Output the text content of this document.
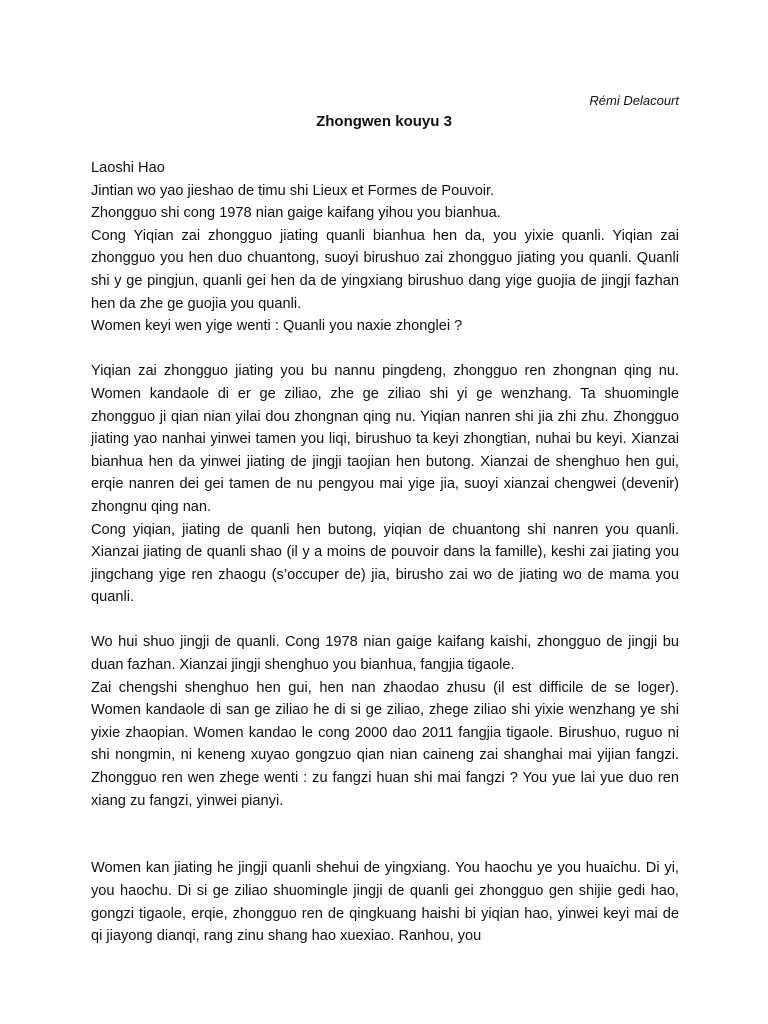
Rémi Delacourt
Zhongwen kouyu 3
Laoshi Hao
Jintian wo yao jieshao de timu shi Lieux et Formes de Pouvoir.
Zhongguo shi cong 1978 nian gaige kaifang yihou you bianhua.

Cong Yiqian zai zhongguo jiating quanli bianhua hen da, you yixie quanli. Yiqian zai zhongguo you hen duo chuantong, suoyi birushuo zai zhongguo jiating you quanli. Quanli shi y ge pingjun, quanli gei hen da de yingxiang birushuo dang yige guojia de jingji fazhan hen da zhe ge guojia you quanli.

Women keyi wen yige wenti : Quanli you naxie zhonglei ?

Yiqian zai zhongguo jiating you bu nannu pingdeng, zhongguo ren zhongnan qing nu. Women kandaole di er ge ziliao, zhe ge ziliao shi yi ge wenzhang. Ta shuomingle zhongguo ji qian nian yilai dou zhongnan qing nu. Yiqian nanren shi jia zhi zhu. Zhongguo jiating yao nanhai yinwei tamen you liqi, birushuo ta keyi zhongtian, nuhai bu keyi. Xianzai bianhua hen da yinwei jiating de jingji taojian hen butong. Xianzai de shenghuo hen gui, erqie nanren dei gei tamen de nu pengyou mai yige jia, suoyi xianzai chengwei (devenir) zhongnu qing nan.

Cong yiqian, jiating de quanli hen butong, yiqian de chuantong shi nanren you quanli. Xianzai jiating de quanli shao (il y a moins de pouvoir dans la famille), keshi zai jiating you jingchang yige ren zhaogu (s’occuper de) jia, birusho zai wo de jiating wo de mama you quanli.

Wo hui shuo jingji de quanli. Cong 1978 nian gaige kaifang kaishi, zhongguo de jingji bu duan fazhan. Xianzai jingji shenghuo you bianhua, fangjia tigaole.

Zai chengshi shenghuo hen gui, hen nan zhaodao zhusu (il est difficile de se loger). Women kandaole di san ge ziliao he di si ge ziliao, zhege ziliao shi yixie wenzhang ye shi yixie zhaopian. Women kandao le cong 2000 dao 2011 fangjia tigaole. Birushuo, ruguo ni shi nongmin, ni keneng xuyao gongzuo qian nian caineng zai shanghai mai yijian fangzi. Zhongguo ren wen zhege wenti : zu fangzi huan shi mai fangzi ? You yue lai yue duo ren xiang zu fangzi, yinwei pianyi.

Women kan jiating he jingji quanli shehui de yingxiang. You haochu ye you huaichu. Di yi, you haochu. Di si ge ziliao shuomingle jingji de quanli gei zhongguo gen shijie gedi hao, gongzi tigaole, erqie, zhongguo ren de qingkuang haishi bi yiqian hao, yinwei keyi mai de qi jiayong dianqi, rang zinu shang hao xuexiao. Ranhou, you
